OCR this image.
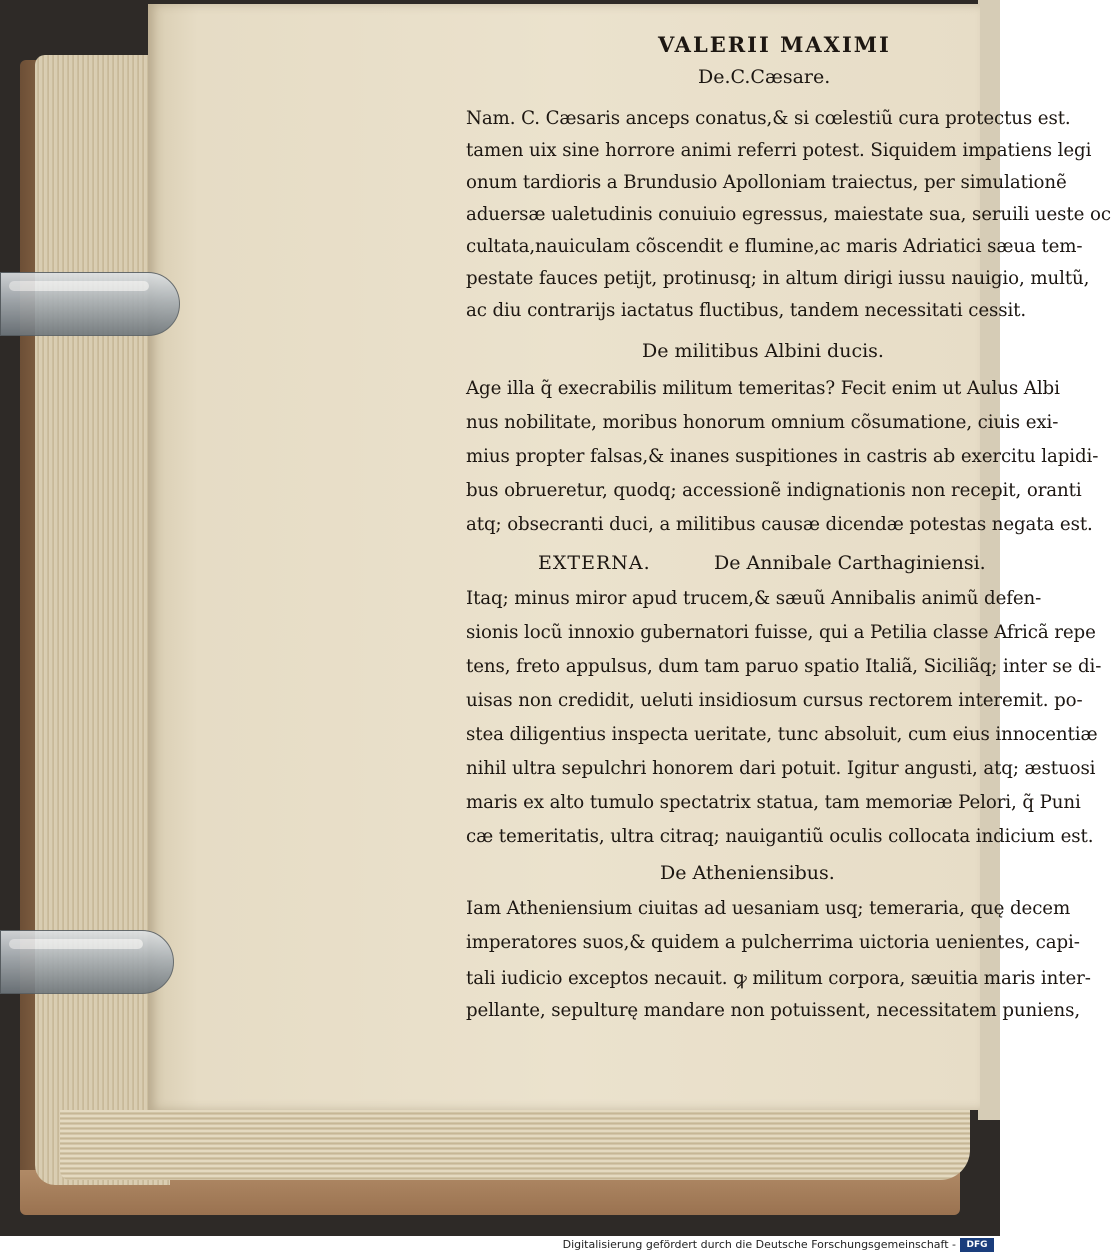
VALERII MAXIMI
De.C.Cæsare.
Nam. C. Cæsaris anceps conatus,& si cœlestiũ cura protectus est.
tamen uix sine horrore animi referri potest. Siquidem impatiens legi
onum tardioris a Brundusio Apolloniam traiectus, per simulationẽ
aduersæ ualetudinis conuiuio egressus, maiestate sua, seruili ueste oc
cultata,nauiculam cõscendit e flumine,ac maris Adriatici sæua tem-
pestate fauces petijt, protinusq; in altum dirigi iussu nauigio, multũ,
ac diu contrarijs iactatus fluctibus, tandem necessitati cessit.
De militibus Albini ducis.
Age illa q̃ execrabilis militum temeritas? Fecit enim ut Aulus Albi
nus nobilitate, moribus honorum omnium cõsumatione, ciuis exi-
mius propter falsas,& inanes suspitiones in castris ab exercitu lapidi-
bus obrueretur, quodq; accessionẽ indignationis non recepit, oranti
atq; obsecranti duci, a militibus causæ dicendæ potestas negata est.
EXTERNA.	De Annibale Carthaginiensi.
Itaq; minus miror apud trucem,& sæuũ Annibalis animũ defen-
sionis locũ innoxio gubernatori fuisse, qui a Petilia classe Africã repe
tens, freto appulsus, dum tam paruo spatio Italiã, Siciliãq; inter se di-
uisas non credidit, ueluti insidiosum cursus rectorem interemit. po-
stea diligentius inspecta ueritate, tunc absoluit, cum eius innocentiæ
nihil ultra sepulchri honorem dari potuit. Igitur angusti, atq; æstuosi
maris ex alto tumulo spectatrix statua, tam memoriæ Pelori, q̃ Puni
cæ temeritatis, ultra citraq; nauigantiũ oculis collocata indicium est.
De Atheniensibus.
Iam Atheniensium ciuitas ad uesaniam usq; temeraria, quę decem
imperatores suos,& quidem a pulcherrima uictoria uenientes, capi-
tali iudicio exceptos necauit. ꝙ militum corpora, sæuitia maris inter-
pellante, sepulturę mandare non potuissent, necessitatem puniens,
Digitalisierung gefördert durch die Deutsche Forschungsgemeinschaft -	DFG
